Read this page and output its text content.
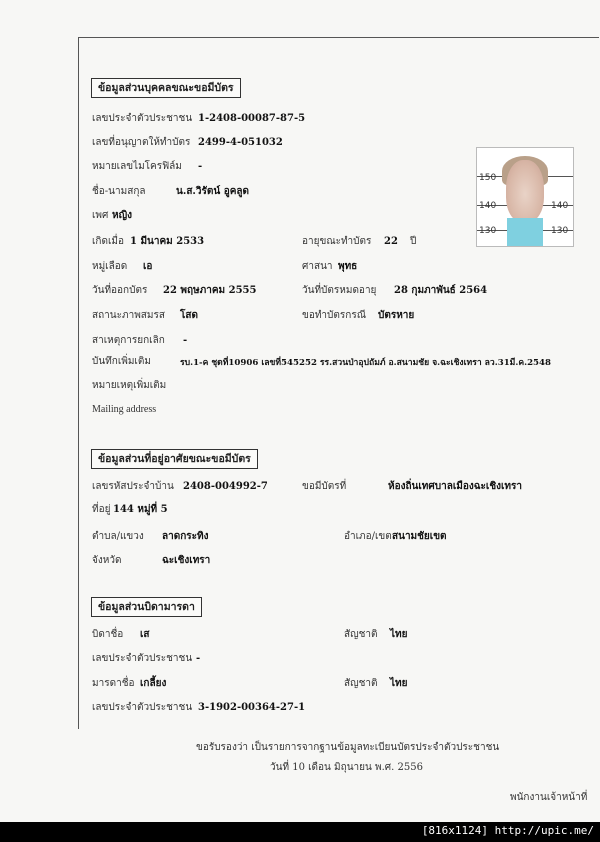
ข้อมูลส่วนบุคคลขณะขอมีบัตร
เลขประจำตัวประชาชน 1-2408-00087-87-5
เลขที่อนุญาตให้ทำบัตร 2499-4-051032
หมายเลขไมโครฟิล์ม -
ชื่อ-นามสกุล	น.ส.วิรัตน์ อูคลูด
เพศ หญิง
เกิดเมื่อ 1 มีนาคม 2533	อายุขณะทำบัตร 22 ปี
หมู่เลือด เอ	ศาสนา พุทธ
วันที่ออกบัตร 22 พฤษภาคม 2555	วันที่บัตรหมดอายุ 28 กุมภาพันธ์ 2564
สถานะภาพสมรส โสด	ขอทำบัตรกรณี บัตรหาย
สาเหตุการยกเลิก -
บันทึกเพิ่มเติม	รบ.1-ค ชุดที่10906 เลขที่545252 รร.สวนป่าอุปถัมภ์ อ.สนามชัย จ.ฉะเชิงเทรา ลว.31มี.ค.2548
หมายเหตุเพิ่มเติม
Mailing address
150
140	140
130	130
ข้อมูลส่วนที่อยู่อาศัยขณะขอมีบัตร
เลขรหัสประจำบ้าน 2408-004992-7	ขอมีบัตรที่	ห้องถิ่นเทศบาลเมืองฉะเชิงเทรา
ที่อยู่ 144 หมู่ที่ 5
ตำบล/แขวง ลาดกระทิง	อำเภอ/เขต สนามชัยเขต
จังหวัด	ฉะเชิงเทรา
ข้อมูลส่วนบิดามารดา
บิดาชื่อ เส	สัญชาติ ไทย
เลขประจำตัวประชาชน -
มารดาชื่อ เกลี้ยง	สัญชาติ ไทย
เลขประจำตัวประชาชน 3-1902-00364-27-1
ขอรับรองว่า เป็นรายการจากฐานข้อมูลทะเบียนบัตรประจำตัวประชาชน
วันที่ 10 เดือน มิถุนายน พ.ศ. 2556
พนักงานเจ้าหน้าที่
[816x1124] http://upic.me/
